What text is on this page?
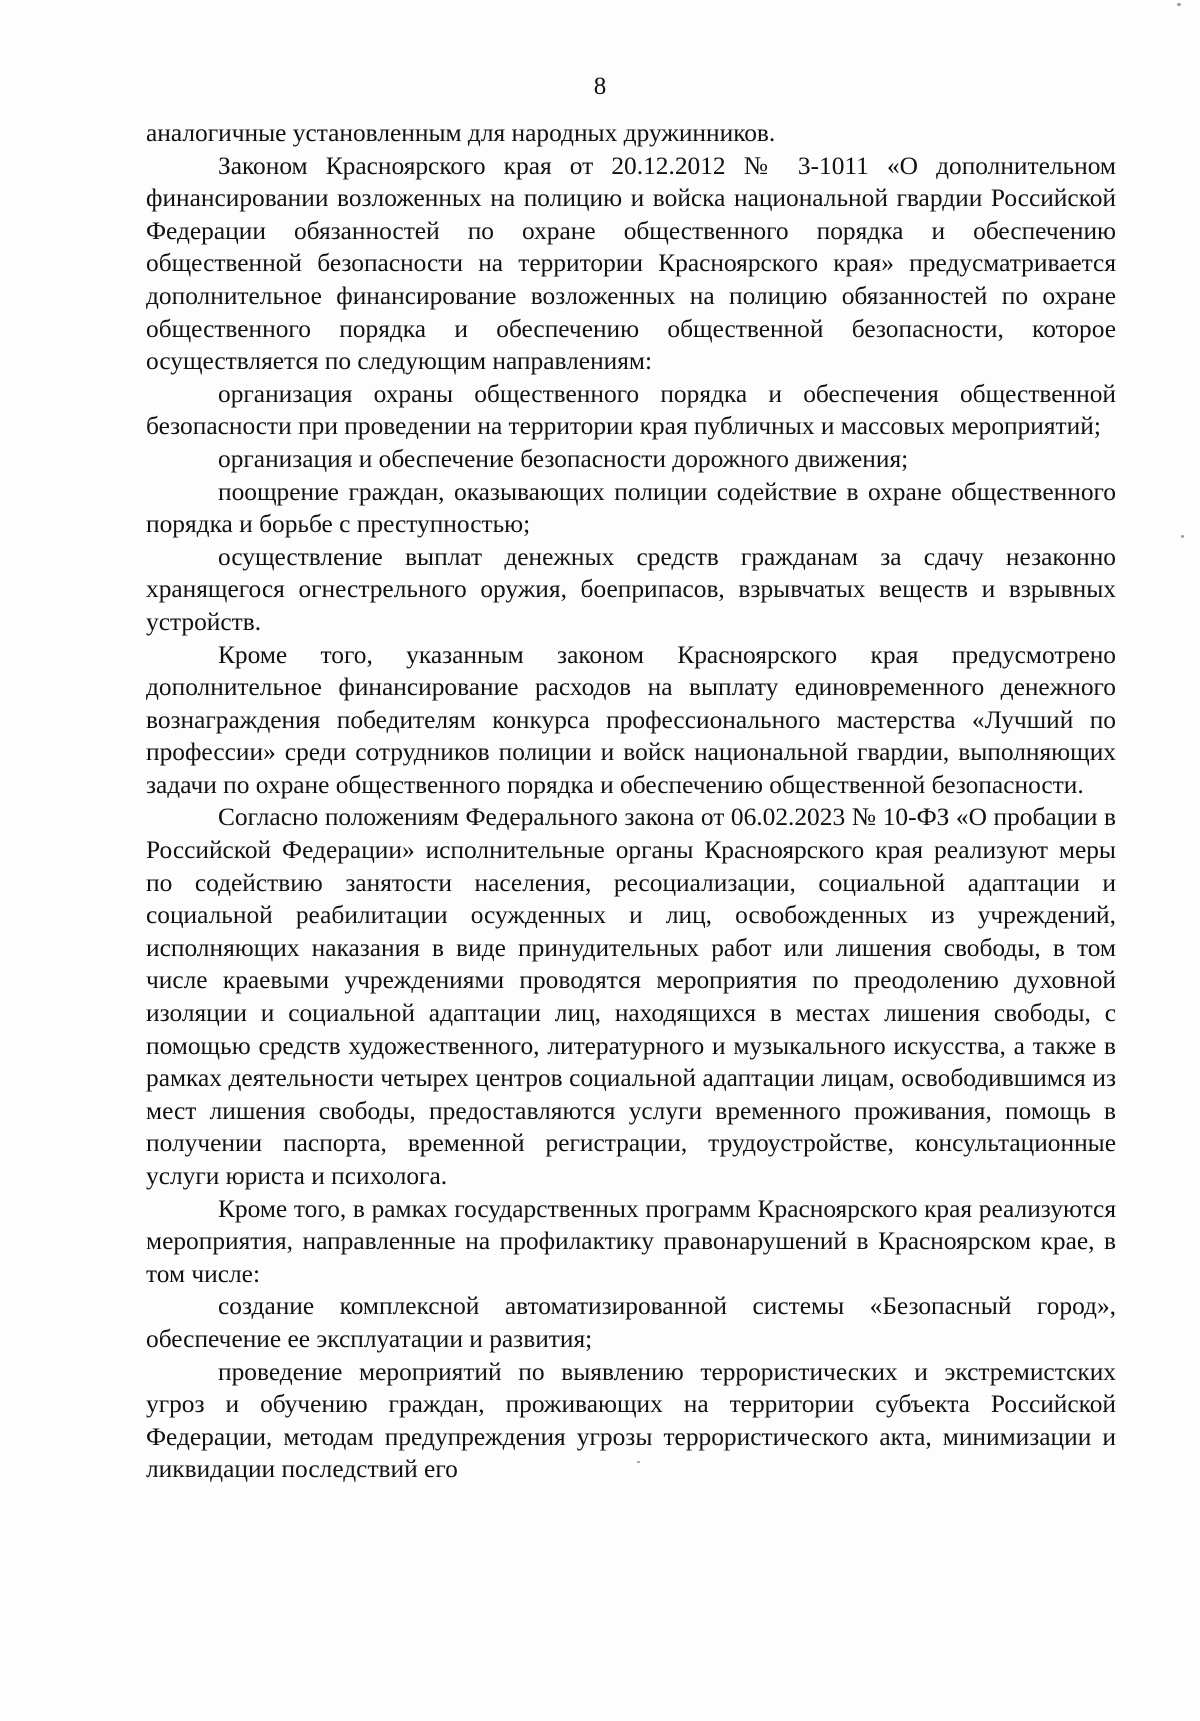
8

аналогичные установленным для народных дружинников.

Законом Красноярского края от 20.12.2012 № 3-1011 «О дополнительном финансировании возложенных на полицию и войска национальной гвардии Российской Федерации обязанностей по охране общественного порядка и обеспечению общественной безопасности на территории Красноярского края» предусматривается дополнительное финансирование возложенных на полицию обязанностей по охране общественного порядка и обеспечению общественной безопасности, которое осуществляется по следующим направлениям:

организация охраны общественного порядка и обеспечения общественной безопасности при проведении на территории края публичных и массовых мероприятий;

организация и обеспечение безопасности дорожного движения;

поощрение граждан, оказывающих полиции содействие в охране общественного порядка и борьбе с преступностью;

осуществление выплат денежных средств гражданам за сдачу незаконно хранящегося огнестрельного оружия, боеприпасов, взрывчатых веществ и взрывных устройств.

Кроме того, указанным законом Красноярского края предусмотрено дополнительное финансирование расходов на выплату единовременного денежного вознаграждения победителям конкурса профессионального мастерства «Лучший по профессии» среди сотрудников полиции и войск национальной гвардии, выполняющих задачи по охране общественного порядка и обеспечению общественной безопасности.

Согласно положениям Федерального закона от 06.02.2023 № 10-ФЗ «О пробации в Российской Федерации» исполнительные органы Красноярского края реализуют меры по содействию занятости населения, ресоциализации, социальной адаптации и социальной реабилитации осужденных и лиц, освобожденных из учреждений, исполняющих наказания в виде принудительных работ или лишения свободы, в том числе краевыми учреждениями проводятся мероприятия по преодолению духовной изоляции и социальной адаптации лиц, находящихся в местах лишения свободы, с помощью средств художественного, литературного и музыкального искусства, а также в рамках деятельности четырех центров социальной адаптации лицам, освободившимся из мест лишения свободы, предоставляются услуги временного проживания, помощь в получении паспорта, временной регистрации, трудоустройстве, консультационные услуги юриста и психолога.

Кроме того, в рамках государственных программ Красноярского края реализуются мероприятия, направленные на профилактику правонарушений в Красноярском крае, в том числе:

создание комплексной автоматизированной системы «Безопасный город», обеспечение ее эксплуатации и развития;

проведение мероприятий по выявлению террористических и экстремистских угроз и обучению граждан, проживающих на территории субъекта Российской Федерации, методам предупреждения угрозы террористического акта, минимизации и ликвидации последствий его
